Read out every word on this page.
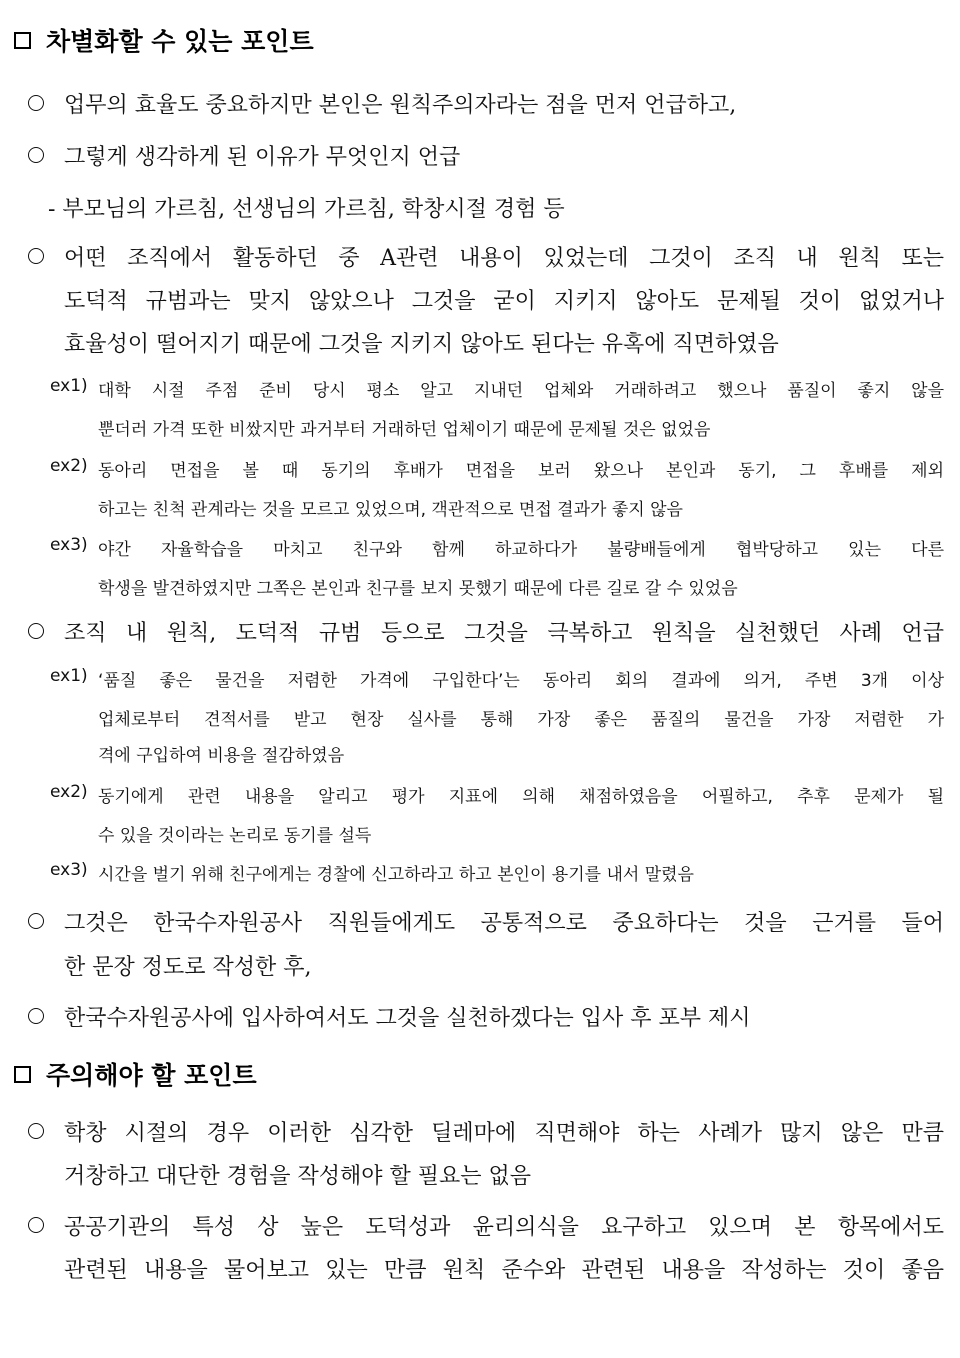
차별화할 수 있는 포인트
업무의 효율도 중요하지만 본인은 원칙주의자라는 점을 먼저 언급하고,
그렇게 생각하게 된 이유가 무엇인지 언급
- 부모님의 가르침, 선생님의 가르침, 학창시절 경험 등
어떤 조직에서 활동하던 중 A관련 내용이 있었는데 그것이 조직 내 원칙 또는
도덕적 규범과는 맞지 않았으나 그것을 굳이 지키지 않아도 문제될 것이 없었거나
효율성이 떨어지기 때문에 그것을 지키지 않아도 된다는 유혹에 직면하였음
ex1) 대학 시절 주점 준비 당시 평소 알고 지내던 업체와 거래하려고 했으나 품질이 좋지 않을
뿐더러 가격 또한 비쌌지만 과거부터 거래하던 업체이기 때문에 문제될 것은 없었음
ex2) 동아리 면접을 볼 때 동기의 후배가 면접을 보러 왔으나 본인과 동기, 그 후배를 제외
하고는 친척 관계라는 것을 모르고 있었으며, 객관적으로 면접 결과가 좋지 않음
ex3) 야간 자율학습을 마치고 친구와 함께 하교하다가 불량배들에게 협박당하고 있는 다른
학생을 발견하였지만 그쪽은 본인과 친구를 보지 못했기 때문에 다른 길로 갈 수 있었음
조직 내 원칙, 도덕적 규범 등으로 그것을 극복하고 원칙을 실천했던 사례 언급
ex1) ‘품질 좋은 물건을 저렴한 가격에 구입한다’는 동아리 회의 결과에 의거, 주변 3개 이상
업체로부터 견적서를 받고 현장 실사를 통해 가장 좋은 품질의 물건을 가장 저렴한 가
격에 구입하여 비용을 절감하였음
ex2) 동기에게 관련 내용을 알리고 평가 지표에 의해 채점하였음을 어필하고, 추후 문제가 될
수 있을 것이라는 논리로 동기를 설득
ex3) 시간을 벌기 위해 친구에게는 경찰에 신고하라고 하고 본인이 용기를 내서 말렸음
그것은 한국수자원공사 직원들에게도 공통적으로 중요하다는 것을 근거를 들어
한 문장 정도로 작성한 후,
한국수자원공사에 입사하여서도 그것을 실천하겠다는 입사 후 포부 제시
주의해야 할 포인트
학창 시절의 경우 이러한 심각한 딜레마에 직면해야 하는 사례가 많지 않은 만큼
거창하고 대단한 경험을 작성해야 할 필요는 없음
공공기관의 특성 상 높은 도덕성과 윤리의식을 요구하고 있으며 본 항목에서도
관련된 내용을 물어보고 있는 만큼 원칙 준수와 관련된 내용을 작성하는 것이 좋음
